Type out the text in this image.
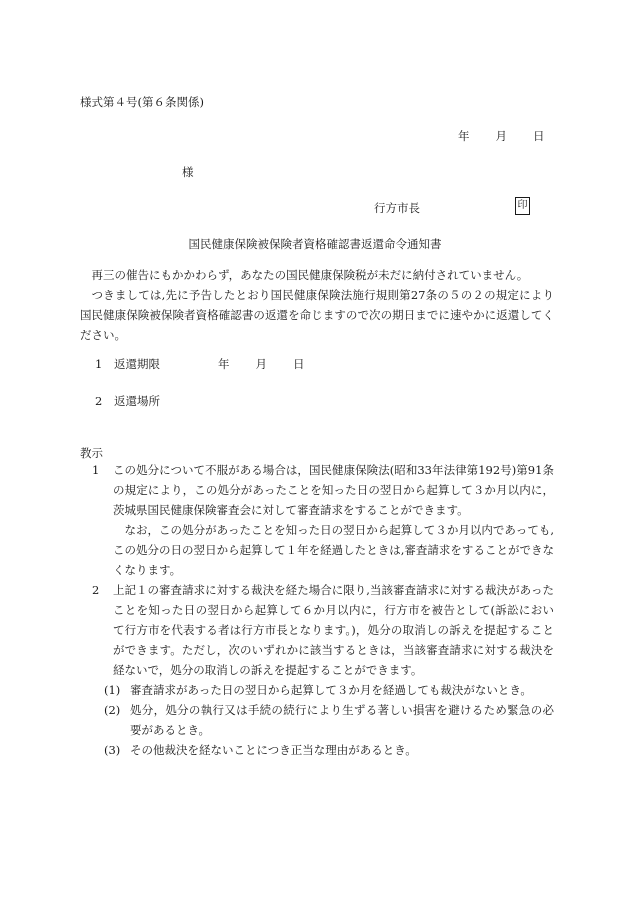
様式第４号(第６条関係)
年 月 日
様
行方市長	印
国民健康保険被保険者資格確認書返還命令通知書

再三の催告にもかかわらず，あなたの国民健康保険税が未だに納付されていません。

つきましては,先に予告したとおり国民健康保険法施行規則第27条の５の２の規定により国民健康保険被保険者資格確認書の返還を命じますので次の期日までに速やかに返還してください。

1 返還期限	年 月 日
2 返還場所
教示

1 この処分について不服がある場合は，国民健康保険法(昭和33年法律第192号)第91条の規定により，この処分があったことを知った日の翌日から起算して３か月以内に，茨城県国民健康保険審査会に対して審査請求をすることができます。

なお，この処分があったことを知った日の翌日から起算して３か月以内であっても,この処分の日の翌日から起算して１年を経過したときは,審査請求をすることができなくなります。

2 上記１の審査請求に対する裁決を経た場合に限り,当該審査請求に対する裁決があったことを知った日の翌日から起算して６か月以内に，行方市を被告として(訴訟において行方市を代表する者は行方市長となります。)，処分の取消しの訴えを提起することができます。ただし，次のいずれかに該当するときは，当該審査請求に対する裁決を経ないで，処分の取消しの訴えを提起することができます。

(1) 審査請求があった日の翌日から起算して３か月を経過しても裁決がないとき。

(2) 処分，処分の執行又は手続の続行により生ずる著しい損害を避けるため緊急の必要があるとき。

(3) その他裁決を経ないことにつき正当な理由があるとき。
